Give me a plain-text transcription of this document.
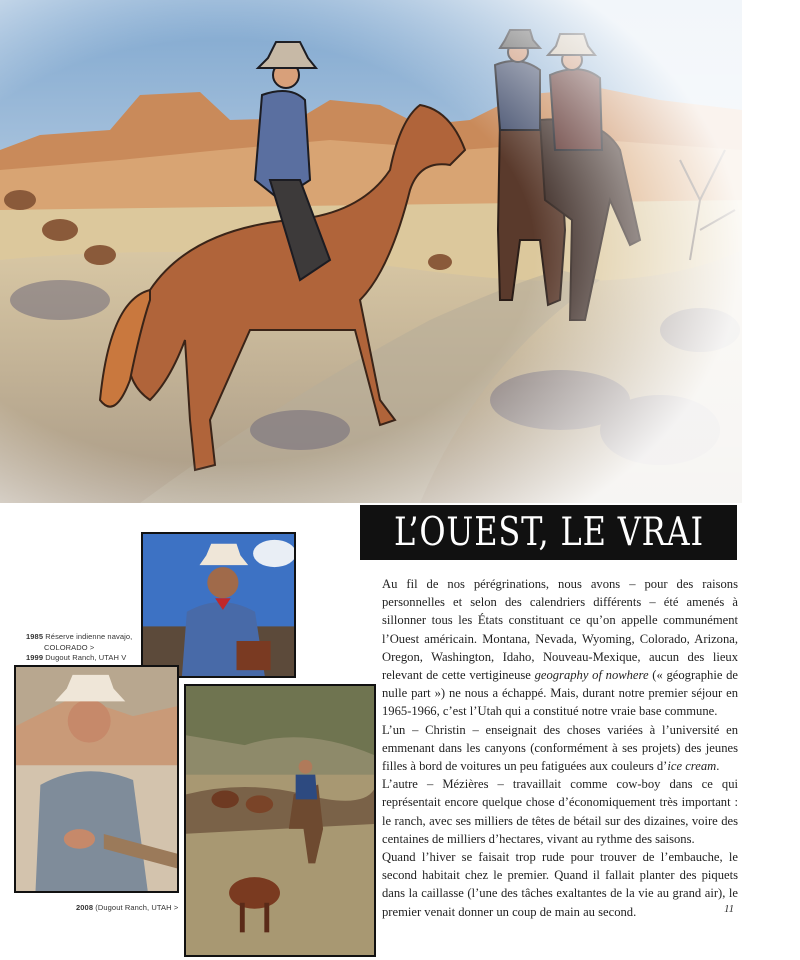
L’OUEST, LE VRAI

Au fil de nos pérégrinations, nous avons – pour des raisons personnelles et selon des calendriers différents – été amenés à sillonner tous les États constituant ce qu’on appelle communément l’Ouest américain. Montana, Nevada, Wyoming, Colorado, Arizona, Oregon, Washington, Idaho, Nouveau-Mexique, aucun des lieux relevant de cette vertigineuse geography of nowhere (« géographie de nulle part ») ne nous a échappé. Mais, durant notre premier séjour en 1965-1966, c’est l’Utah qui a constitué notre vraie base commune.

L’un – Christin – enseignait des choses variées à l’université en emmenant dans les canyons (conformément à ses projets) des jeunes filles à bord de voitures un peu fatiguées aux couleurs d’ice cream.

L’autre – Mézières – travaillait comme cow-boy dans ce qui représentait encore quelque chose d’économiquement très important : le ranch, avec ses milliers de têtes de bétail sur des dizaines, voire des centaines de milliers d’hectares, vivant au rythme des saisons.

Quand l’hiver se faisait trop rude pour trouver de l’embauche, le second habitait chez le premier. Quand il fallait planter des piquets dans la caillasse (l’une des tâches exaltantes de la vie au grand air), le premier venait donner un coup de main au second.

1985 Réserve indienne navajo,
COLORADO >
1999 Dugout Ranch, UTAH V
2008 (Dugout Ranch, UTAH >	11
